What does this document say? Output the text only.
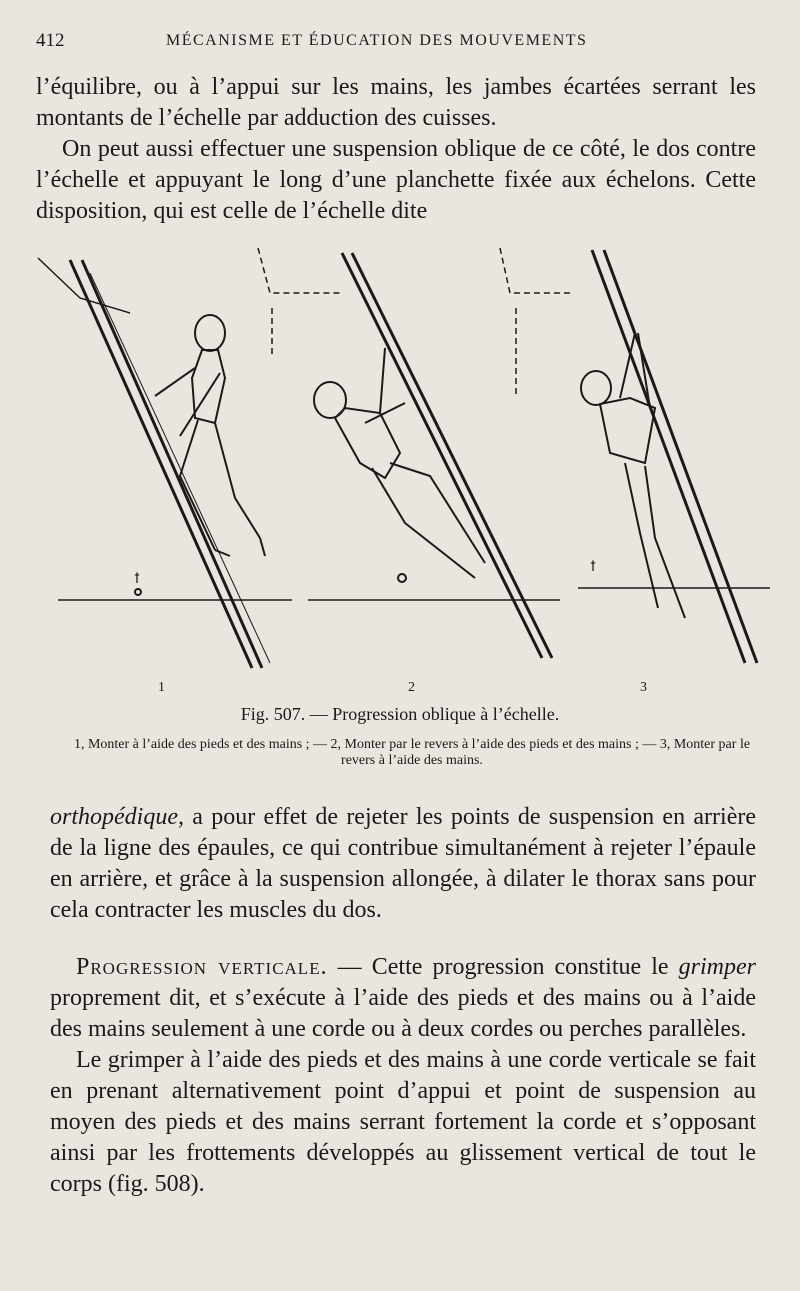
412	MÉCANISME ET ÉDUCATION DES MOUVEMENTS

l’équilibre, ou à l’appui sur les mains, les jambes écartées serrant les montants de l’échelle par adduction des cuisses.

On peut aussi effectuer une suspension oblique de ce côté, le dos contre l’échelle et appuyant le long d’une planchette fixée aux échelons. Cette disposition, qui est celle de l’échelle dite

ꝉ
ꝉ
1	2	3
Fig. 507. — Progression oblique à l’échelle.
1, Monter à l’aide des pieds et des mains ; — 2, Monter par le revers à l’aide des pieds et des mains ; — 3, Monter par le revers à l’aide des mains.

orthopédique, a pour effet de rejeter les points de suspension en arrière de la ligne des épaules, ce qui contribue simultanément à rejeter l’épaule en arrière, et grâce à la suspension allongée, à dilater le thorax sans pour cela contracter les muscles du dos.

Progression verticale. — Cette progression constitue le grimper proprement dit, et s’exécute à l’aide des pieds et des mains ou à l’aide des mains seulement à une corde ou à deux cordes ou perches parallèles.

Le grimper à l’aide des pieds et des mains à une corde verticale se fait en prenant alternativement point d’appui et point de suspension au moyen des pieds et des mains serrant fortement la corde et s’opposant ainsi par les frottements développés au glissement vertical de tout le corps (fig. 508).
